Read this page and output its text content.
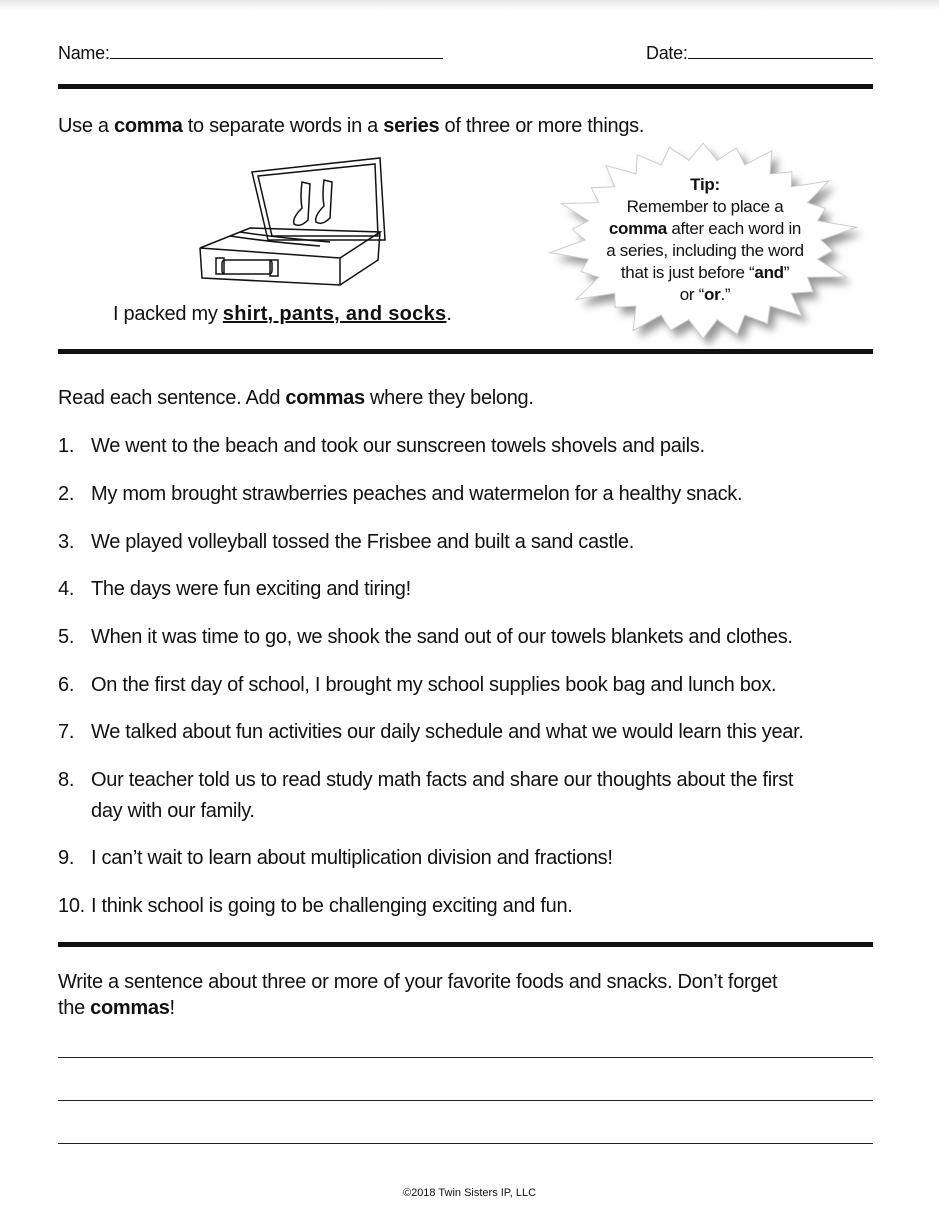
Name:	Date:
Use a comma to separate words in a series of three or more things.
I packed my shirt, pants, and socks.
Tip:
Remember to place a
comma after each word in
a series, including the word
that is just before “and”
or “or.”
Read each sentence. Add commas where they belong.
1. We went to the beach and took our sunscreen towels shovels and pails.
2. My mom brought strawberries peaches and watermelon for a healthy snack.
3. We played volleyball tossed the Frisbee and built a sand castle.
4. The days were fun exciting and tiring!
5. When it was time to go, we shook the sand out of our towels blankets and clothes.
6. On the first day of school, I brought my school supplies book bag and lunch box.
7. We talked about fun activities our daily schedule and what we would learn this year.
8. Our teacher told us to read study math facts and share our thoughts about the first
day with our family.
9. I can’t wait to learn about multiplication division and fractions!
10. I think school is going to be challenging exciting and fun.
Write a sentence about three or more of your favorite foods and snacks. Don’t forget
the commas!
©2018 Twin Sisters IP, LLC
